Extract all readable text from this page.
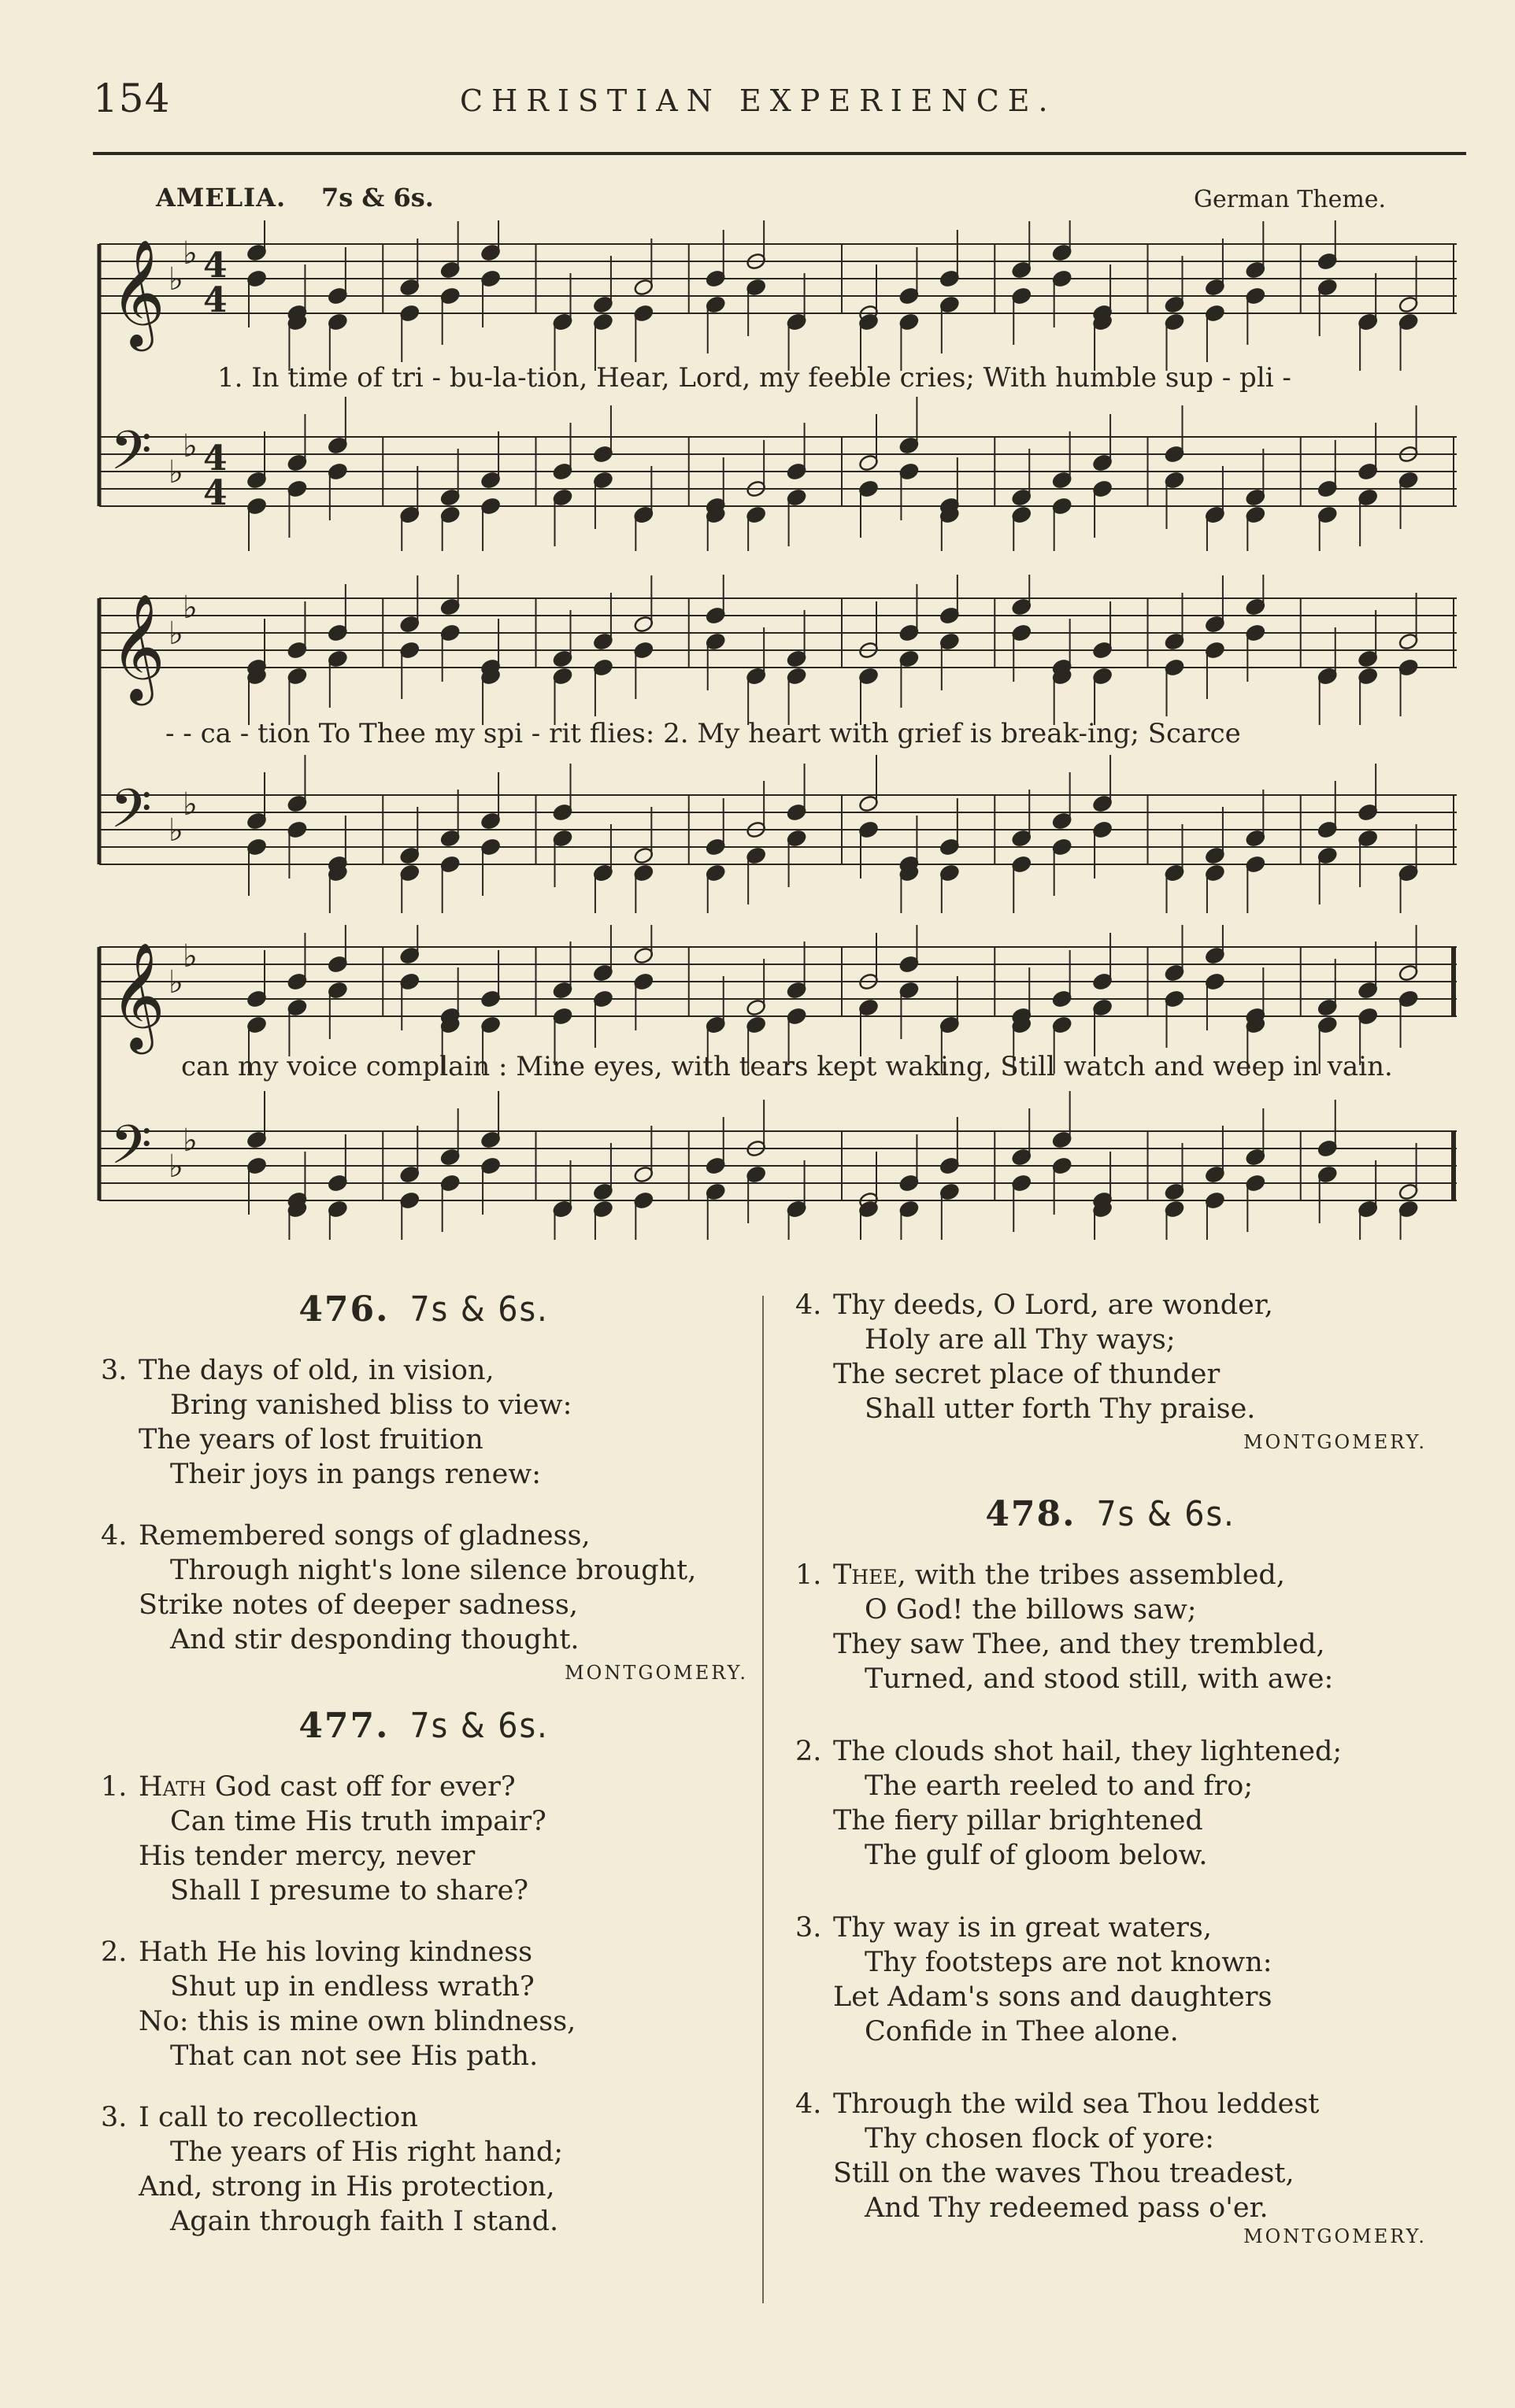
154	CHRISTIAN EXPERIENCE.
AMELIA. 7s & 6s.	German Theme.
𝄞 ♭
♭ 4
4
𝄢 ♭
♭ 4
4
1. In time of tri - bu-la-tion, Hear, Lord, my feeble cries; With humble sup - pli -
𝄞 ♭
♭
𝄢 ♭
♭
- - ca - tion To Thee my spi - rit flies: 2. My heart with grief is break-ing; Scarce
𝄞 ♭
♭
𝄢 ♭
♭
can my voice complain : Mine eyes, with tears kept waking, Still watch and weep in vain.
476. 7s & 6s.
3. The days of old, in vision,
Bring vanished bliss to view:
The years of lost fruition
Their joys in pangs renew:
4. Remembered songs of gladness,
Through night's lone silence brought,
Strike notes of deeper sadness,
And stir desponding thought.
MONTGOMERY.
477. 7s & 6s.
1. Hath God cast off for ever?
Can time His truth impair?
His tender mercy, never
Shall I presume to share?
2. Hath He his loving kindness
Shut up in endless wrath?
No: this is mine own blindness,
That can not see His path.
3. I call to recollection
The years of His right hand;
And, strong in His protection,
Again through faith I stand.
4. Thy deeds, O Lord, are wonder,
Holy are all Thy ways;
The secret place of thunder
Shall utter forth Thy praise.
MONTGOMERY.
478. 7s & 6s.
1. Thee, with the tribes assembled,
O God! the billows saw;
They saw Thee, and they trembled,
Turned, and stood still, with awe:
2. The clouds shot hail, they lightened;
The earth reeled to and fro;
The fiery pillar brightened
The gulf of gloom below.
3. Thy way is in great waters,
Thy footsteps are not known:
Let Adam's sons and daughters
Confide in Thee alone.
4. Through the wild sea Thou leddest
Thy chosen flock of yore:
Still on the waves Thou treadest,
And Thy redeemed pass o'er.
MONTGOMERY.
